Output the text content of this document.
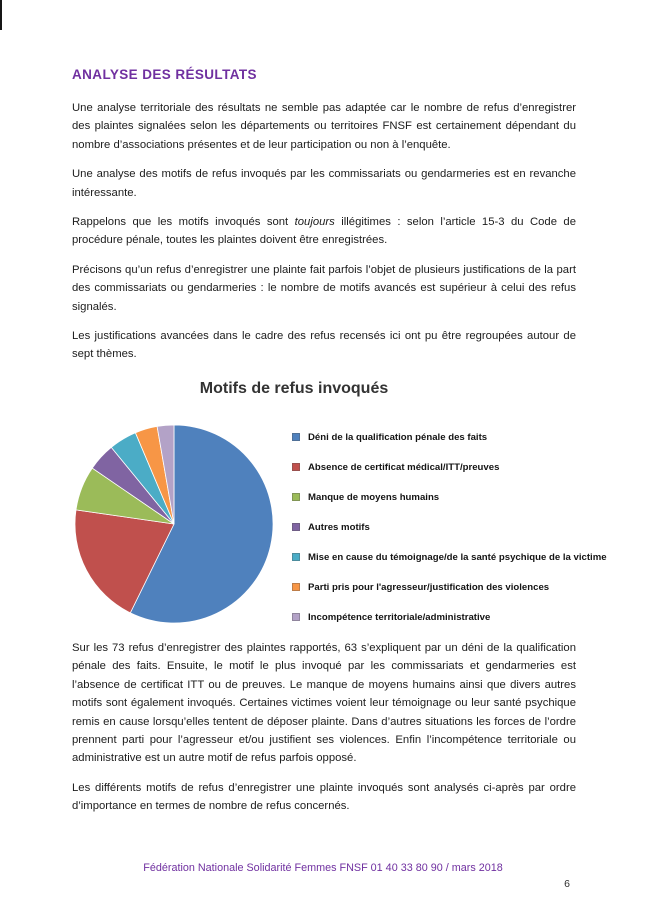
ANALYSE DES RÉSULTATS

Une analyse territoriale des résultats ne semble pas adaptée car le nombre de refus d’enregistrer des plaintes signalées selon les départements ou territoires FNSF est certainement dépendant du nombre d’associations présentes et de leur participation ou non à l’enquête.

Une analyse des motifs de refus invoqués par les commissariats ou gendarmeries est en revanche intéressante.

Rappelons que les motifs invoqués sont toujours illégitimes : selon l’article 15-3 du Code de procédure pénale, toutes les plaintes doivent être enregistrées.

Précisons qu’un refus d’enregistrer une plainte fait parfois l’objet de plusieurs justifications de la part des commissariats ou gendarmeries : le nombre de motifs avancés est supérieur à celui des refus signalés.

Les justifications avancées dans le cadre des refus recensés ici ont pu être regroupées autour de sept thèmes.

Motifs de refus invoqués
Déni de la qualification pénale des faits
Absence de certificat médical/ITT/preuves
Manque de moyens humains
Autres motifs
Mise en cause du témoignage/de la santé psychique de la victime
Parti pris pour l'agresseur/justification des violences
Incompétence territoriale/administrative

Sur les 73 refus d’enregistrer des plaintes rapportés, 63 s’expliquent par un déni de la qualification pénale des faits. Ensuite, le motif le plus invoqué par les commissariats et gendarmeries est l’absence de certificat ITT ou de preuves. Le manque de moyens humains ainsi que divers autres motifs sont également invoqués. Certaines victimes voient leur témoignage ou leur santé psychique remis en cause lorsqu’elles tentent de déposer plainte. Dans d’autres situations les forces de l’ordre prennent parti pour l’agresseur et/ou justifient ses violences. Enfin l’incompétence territoriale ou administrative est un autre motif de refus parfois opposé.

Les différents motifs de refus d’enregistrer une plainte invoqués sont analysés ci-après par ordre d’importance en termes de nombre de refus concernés.

Fédération Nationale Solidarité Femmes FNSF 01 40 33 80 90 / mars 2018
6
